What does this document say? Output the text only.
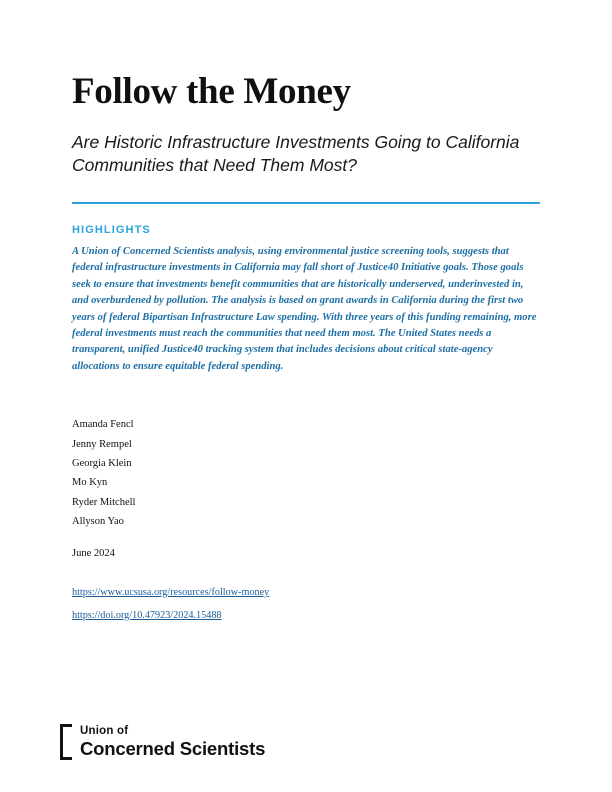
Follow the Money

Are Historic Infrastructure Investments Going to California Communities that Need Them Most?

HIGHLIGHTS

A Union of Concerned Scientists analysis, using environmental justice screening tools, suggests that federal infrastructure investments in California may fall short of Justice40 Initiative goals. Those goals seek to ensure that investments benefit communities that are historically underserved, underinvested in, and overburdened by pollution. The analysis is based on grant awards in California during the first two years of federal Bipartisan Infrastructure Law spending. With three years of this funding remaining, more federal investments must reach the communities that need them most. The United States needs a transparent, unified Justice40 tracking system that includes decisions about critical state-agency allocations to ensure equitable federal spending.

Amanda Fencl
Jenny Rempel
Georgia Klein
Mo Kyn
Ryder Mitchell
Allyson Yao
June 2024
https://www.ucsusa.org/resources/follow-money
https://doi.org/10.47923/2024.15488
Union of
Concerned Scientists
